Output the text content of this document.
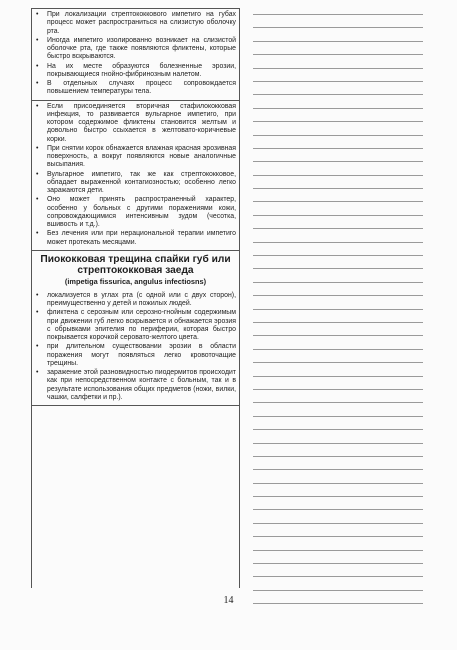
• При локализации стрептококкового импетиго на губах процесс может распространиться на слизистую оболочку рта.
• Иногда импетиго изолированно возникает на слизистой оболочке рта, где также появляются фликтены, которые быстро вскрываются.
• На их месте образуются болезненные эрозии, покрывающиеся гнойно-фибринозным налетом.
• В отдельных случаях процесс сопровождается повышением температуры тела.
• Если присоединяется вторичная стафилококковая инфекция, то развивается вульгарное импетиго, при котором содержимое фликтены становится желтым и довольно быстро ссыхается в желтовато-коричневые корки.
• При снятии корок обнажается влажная красная эрозивная поверхность, а вокруг появляются новые аналогичные высыпания.
• Вульгарное импетиго, так же как стрептококковое, обладает выраженной контагиозностью; особенно легко заражаются дети.
• Оно может принять распространенный характер, особенно у больных с другими поражениями кожи, сопровождающимися интенсивным зудом (чесотка, вшивость и т.д.).
• Без лечения или при нерациональной терапии импетиго может протекать месяцами.
Пиококковая трещина спайки губ или стрептококковая заеда
(impetiga fissurica, angulus infectiosns)
• локализуется в углах рта (с одной или с двух сторон), преимущественно у детей и пожилых людей.
• фликтена с серозным или серозно-гнойным содержимым при движении губ легко вскрывается и обнажается эрозия с обрывками эпителия по периферии, которая быстро покрывается корочкой серовато-желтого цвета.
• при длительном существовании эрозии в области поражения могут появляться легко кровоточащие трещины.
• заражение этой разновидностью пиодермитов происходит как при непосредственном контакте с больным, так и в результате использования общих предметов (ножи, вилки, чашки, салфетки и пр.).
14
